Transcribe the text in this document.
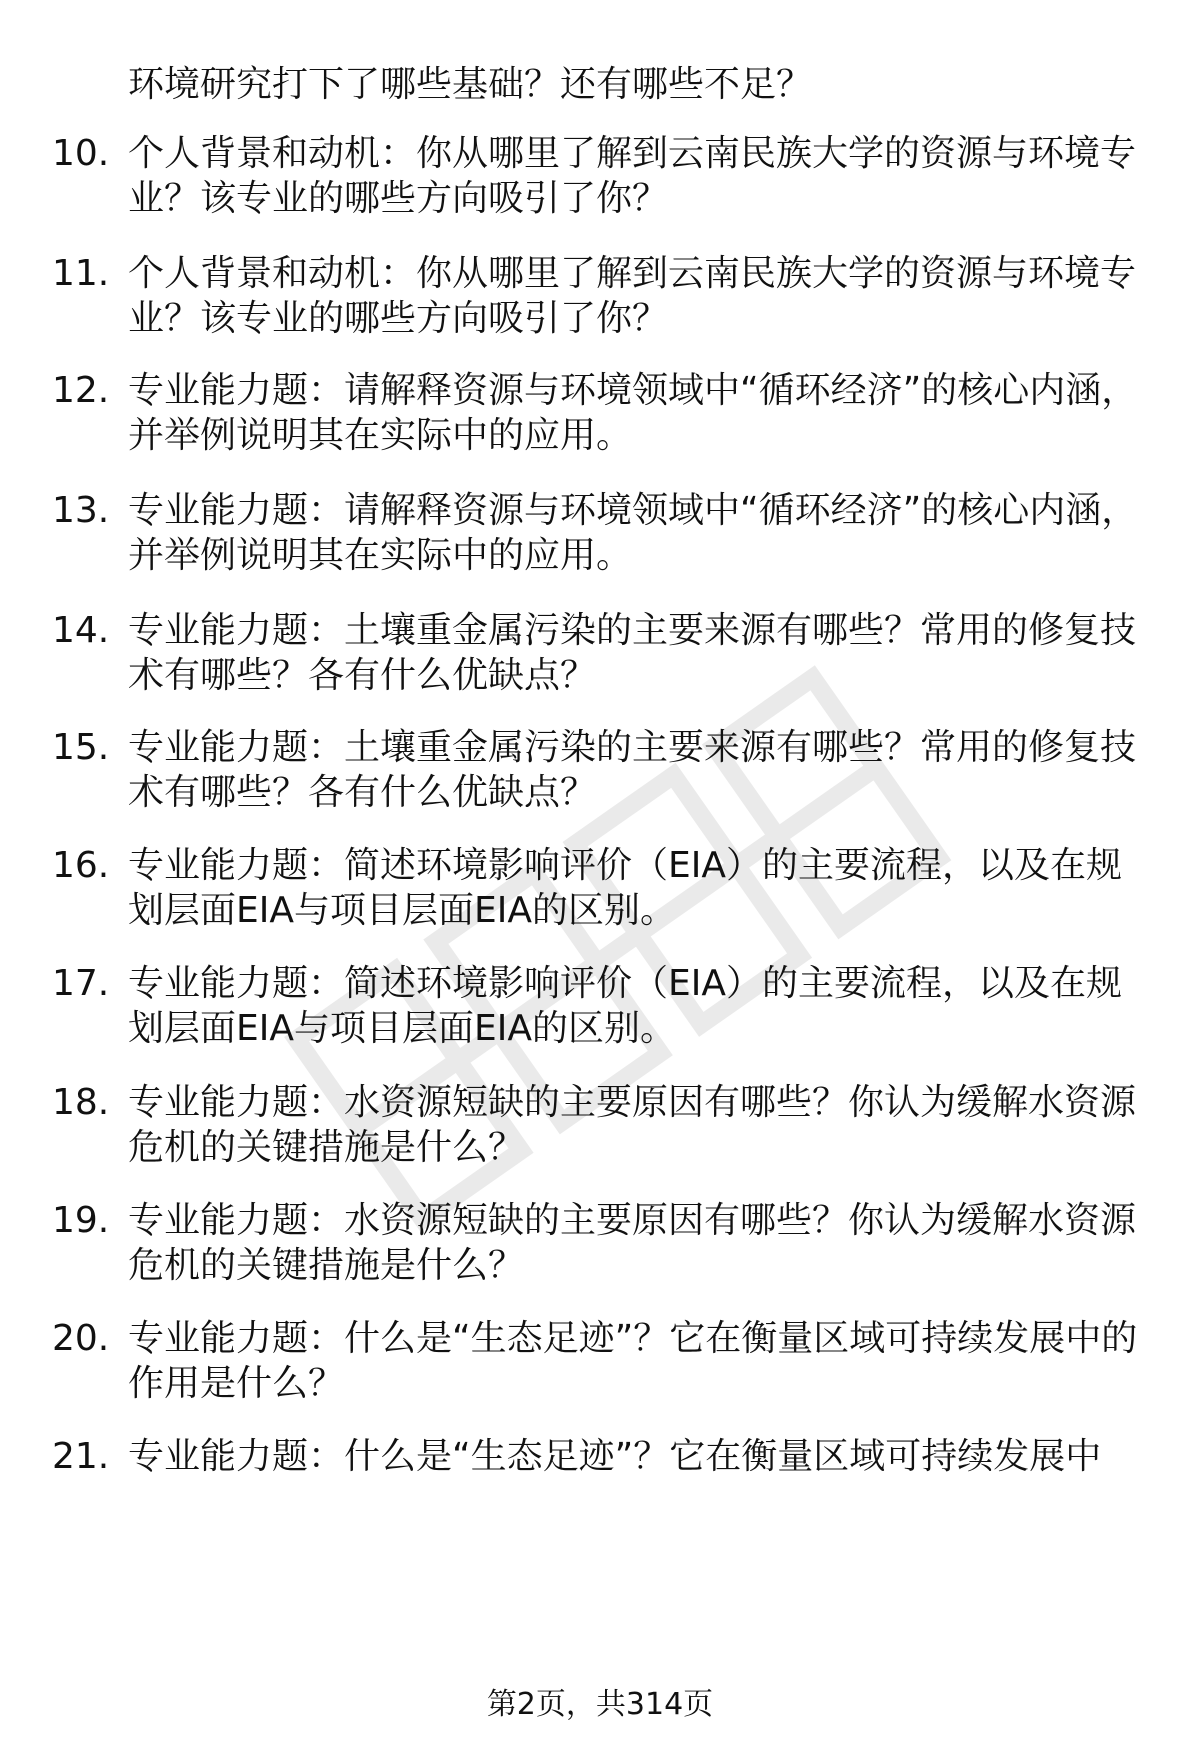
环境研究打下了哪些基础？还有哪些不足？
10. 个人背景和动机：你从哪里了解到云南民族大学的资源与环境专业？该专业的哪些方向吸引了你？
11. 个人背景和动机：你从哪里了解到云南民族大学的资源与环境专业？该专业的哪些方向吸引了你？
12. 专业能力题：请解释资源与环境领域中“循环经济”的核心内涵，并举例说明其在实际中的应用。
13. 专业能力题：请解释资源与环境领域中“循环经济”的核心内涵，并举例说明其在实际中的应用。
14. 专业能力题：土壤重金属污染的主要来源有哪些？常用的修复技术有哪些？各有什么优缺点？
15. 专业能力题：土壤重金属污染的主要来源有哪些？常用的修复技术有哪些？各有什么优缺点？
16. 专业能力题：简述环境影响评价（EIA）的主要流程，以及在规划层面EIA与项目层面EIA的区别。
17. 专业能力题：简述环境影响评价（EIA）的主要流程，以及在规划层面EIA与项目层面EIA的区别。
18. 专业能力题：水资源短缺的主要原因有哪些？你认为缓解水资源危机的关键措施是什么？
19. 专业能力题：水资源短缺的主要原因有哪些？你认为缓解水资源危机的关键措施是什么？
20. 专业能力题：什么是“生态足迹”？它在衡量区域可持续发展中的作用是什么？
21. 专业能力题：什么是“生态足迹”？它在衡量区域可持续发展中
第2页，共314页
